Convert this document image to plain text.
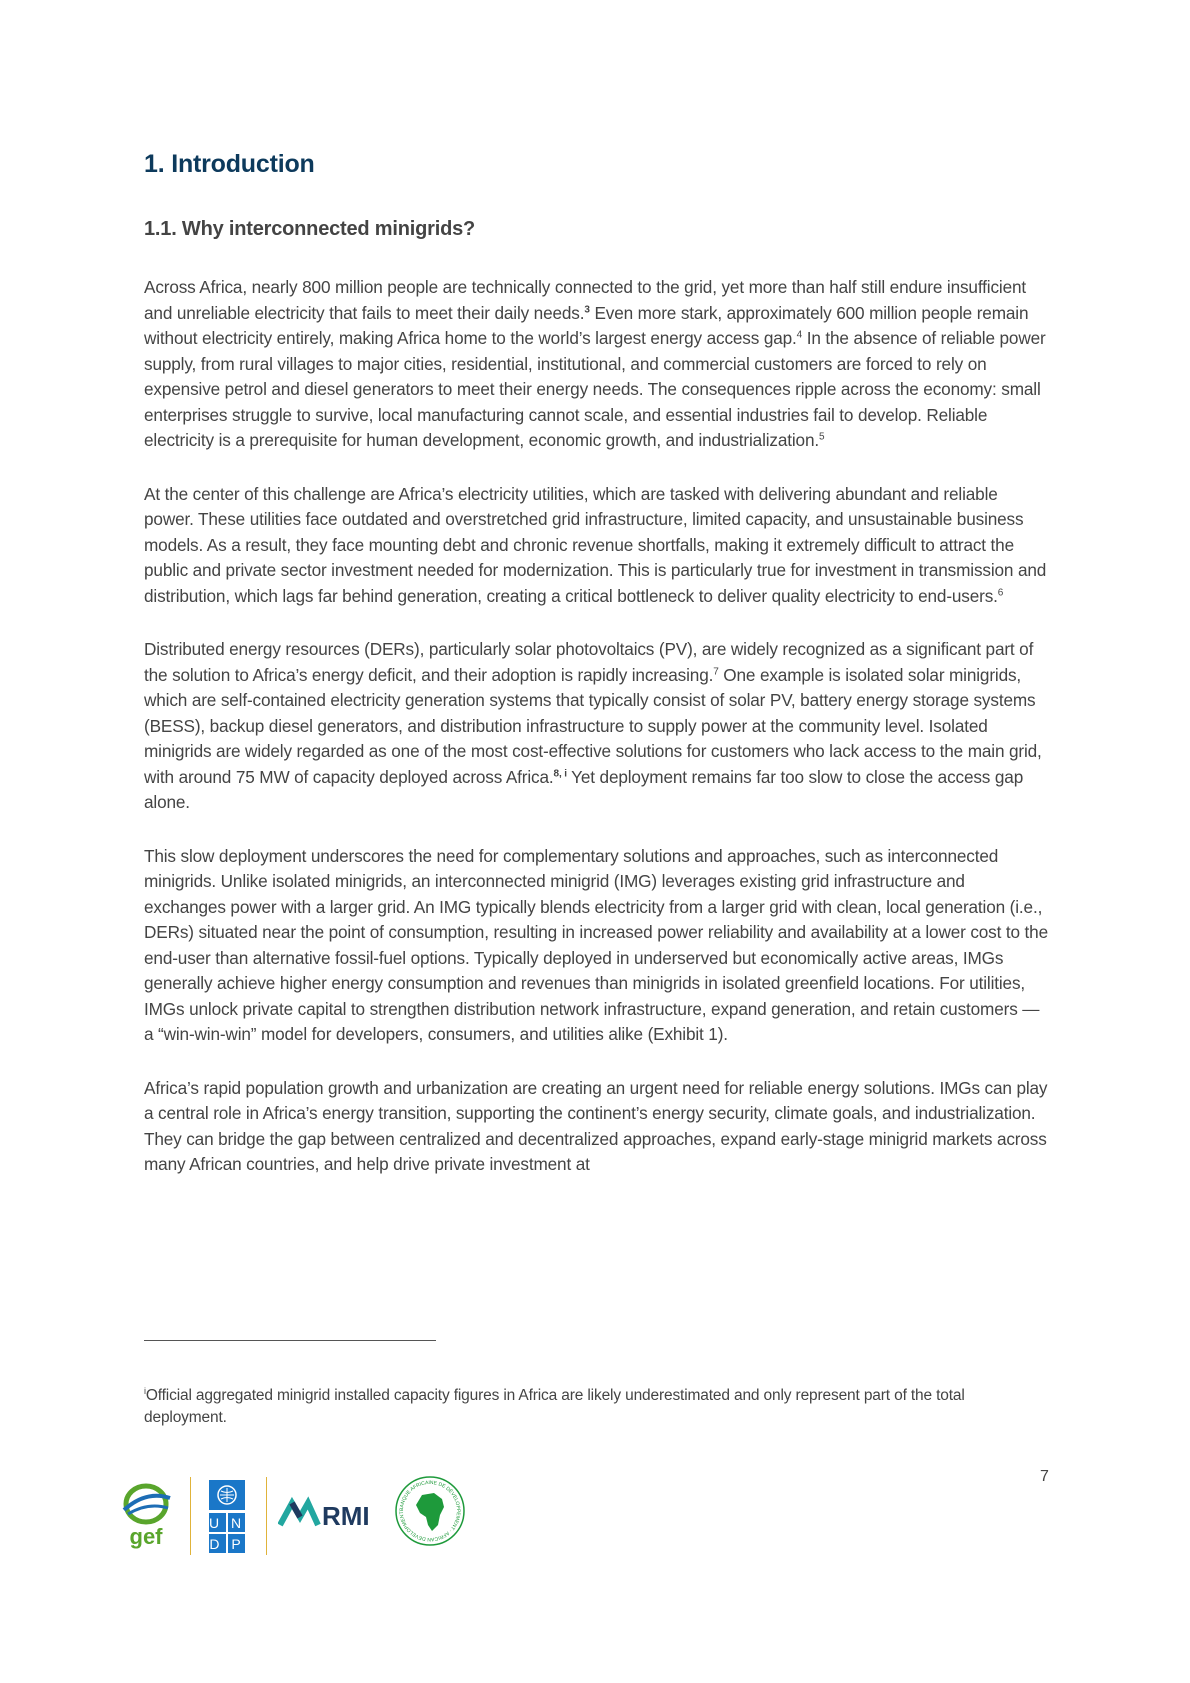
1. Introduction
1.1. Why interconnected minigrids?

Across Africa, nearly 800 million people are technically connected to the grid, yet more than half still endure insufficient and unreliable electricity that fails to meet their daily needs.$^3$ Even more stark, approximately 600 million people remain without electricity entirely, making Africa home to the world’s largest energy access gap.$^4$ In the absence of reliable power supply, from rural villages to major cities, residential, institutional, and commercial customers are forced to rely on expensive petrol and diesel generators to meet their energy needs. The consequences ripple across the economy: small enterprises struggle to survive, local manufacturing cannot scale, and essential industries fail to develop. Reliable electricity is a prerequisite for human development, economic growth, and industrialization.$^5$

At the center of this challenge are Africa’s electricity utilities, which are tasked with delivering abundant and reliable power. These utilities face outdated and overstretched grid infrastructure, limited capacity, and unsustainable business models. As a result, they face mounting debt and chronic revenue shortfalls, making it extremely difficult to attract the public and private sector investment needed for modernization. This is particularly true for investment in transmission and distribution, which lags far behind generation, creating a critical bottleneck to deliver quality electricity to end-users.$^6$

Distributed energy resources (DERs), particularly solar photovoltaics (PV), are widely recognized as a significant part of the solution to Africa’s energy deficit, and their adoption is rapidly increasing.$^7$ One example is isolated solar minigrids, which are self-contained electricity generation systems that typically consist of solar PV, battery energy storage systems (BESS), backup diesel generators, and distribution infrastructure to supply power at the community level. Isolated minigrids are widely regarded as one of the most cost-effective solutions for customers who lack access to the main grid, with around 75 MW of capacity deployed across Africa.$^{8, i}$ Yet deployment remains far too slow to close the access gap alone.

This slow deployment underscores the need for complementary solutions and approaches, such as interconnected minigrids. Unlike isolated minigrids, an interconnected minigrid (IMG) leverages existing grid infrastructure and exchanges power with a larger grid. An IMG typically blends electricity from a larger grid with clean, local generation (i.e., DERs) situated near the point of consumption, resulting in increased power reliability and availability at a lower cost to the end-user than alternative fossil-fuel options. Typically deployed in underserved but economically active areas, IMGs generally achieve higher energy consumption and revenues than minigrids in isolated greenfield locations. For utilities, IMGs unlock private capital to strengthen distribution network infrastructure, expand generation, and retain customers — a “win-win-win” model for developers, consumers, and utilities alike (Exhibit 1).

Africa’s rapid population growth and urbanization are creating an urgent need for reliable energy solutions. IMGs can play a central role in Africa’s energy transition, supporting the continent’s energy security, climate goals, and industrialization. They can bridge the gap between centralized and decentralized approaches, expand early-stage minigrid markets across many African countries, and help drive private investment at

$^i$Official aggregated minigrid installed capacity figures in Africa are likely underestimated and only represent part of the total deployment.

7
gef
U N
D P
RMI	BANQUE AFRICAINE DE DÉVELOPPEMENT · AFRICAN DEVELOPMENT
